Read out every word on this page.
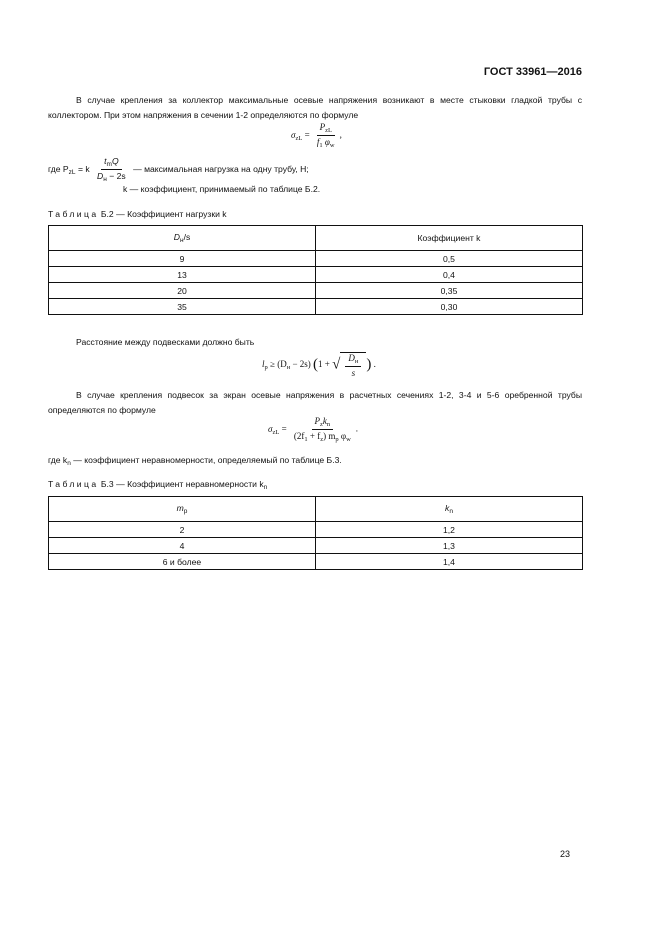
ГОСТ 33961—2016
В случае крепления за коллектор максимальные осевые напряжения возникают в месте стыковки гладкой трубы с коллектором. При этом напряжения в сечении 1-2 определяются по формуле
$\sigma_{zL} = \frac{P_{zL}}{f_1 \varphi_w}$ ,
где $P_{zL} = k \frac{t_mQ}{D_н - 2s}$ — максимальная нагрузка на одну трубу, Н;
k — коэффициент, принимаемый по таблице Б.2.
Таблица Б.2 — Коэффициент нагрузки k
$D_н/s$	Коэффициент k
9	0,5
13	0,4
20	0,35
35	0,30
Расстояние между подвесками должно быть
$l_p \ge (D_н - 2s) (1$ + √ $\frac{D_н}{s}$ ) .
В случае крепления подвесок за экран осевые напряжения в расчетных сечениях 1-2, 3-4 и 5-6 оребренной трубы определяются по формуле
$\sigma_{zL} = \frac{P_zk_n}{(2f_1 + f_z) m_p \varphi_w}$ .
где $k_n$ — коэффициент неравномерности, определяемый по таблице Б.3.
Таблица Б.3 — Коэффициент неравномерности $k_n$
$m_p$	$k_n$
2	1,2
4	1,3
6 и более	1,4
23
